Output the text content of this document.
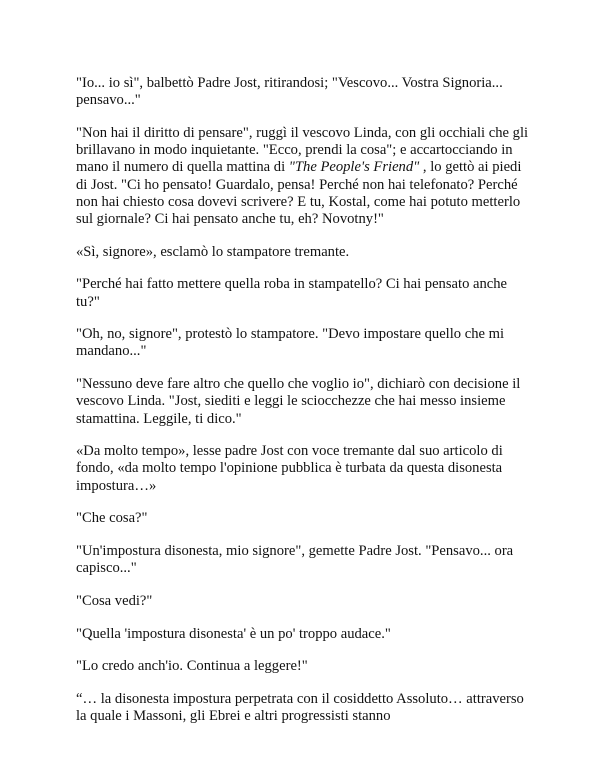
"Io... io sì", balbettò Padre Jost, ritirandosi; "Vescovo... Vostra Signoria... pensavo..."

"Non hai il diritto di pensare", ruggì il vescovo Linda, con gli occhiali che gli brillavano in modo inquietante. "Ecco, prendi la cosa"; e accartocciando in mano il numero di quella mattina di "The People's Friend" , lo gettò ai piedi di Jost. "Ci ho pensato! Guardalo, pensa! Perché non hai telefonato? Perché non hai chiesto cosa dovevi scrivere? E tu, Kostal, come hai potuto metterlo sul giornale? Ci hai pensato anche tu, eh? Novotny!"

«Sì, signore», esclamò lo stampatore tremante.

"Perché hai fatto mettere quella roba in stampatello? Ci hai pensato anche tu?"

"Oh, no, signore", protestò lo stampatore. "Devo impostare quello che mi mandano..."

"Nessuno deve fare altro che quello che voglio io", dichiarò con decisione il vescovo Linda. "Jost, siediti e leggi le sciocchezze che hai messo insieme stamattina. Leggile, ti dico."

«Da molto tempo», lesse padre Jost con voce tremante dal suo articolo di fondo, «da molto tempo l'opinione pubblica è turbata da questa disonesta impostura…»

"Che cosa?"

"Un'impostura disonesta, mio signore", gemette Padre Jost. "Pensavo... ora capisco..."

"Cosa vedi?"

"Quella 'impostura disonesta' è un po' troppo audace."

"Lo credo anch'io. Continua a leggere!"

“… la disonesta impostura perpetrata con il cosiddetto Assoluto… attraverso la quale i Massoni, gli Ebrei e altri progressisti stanno
